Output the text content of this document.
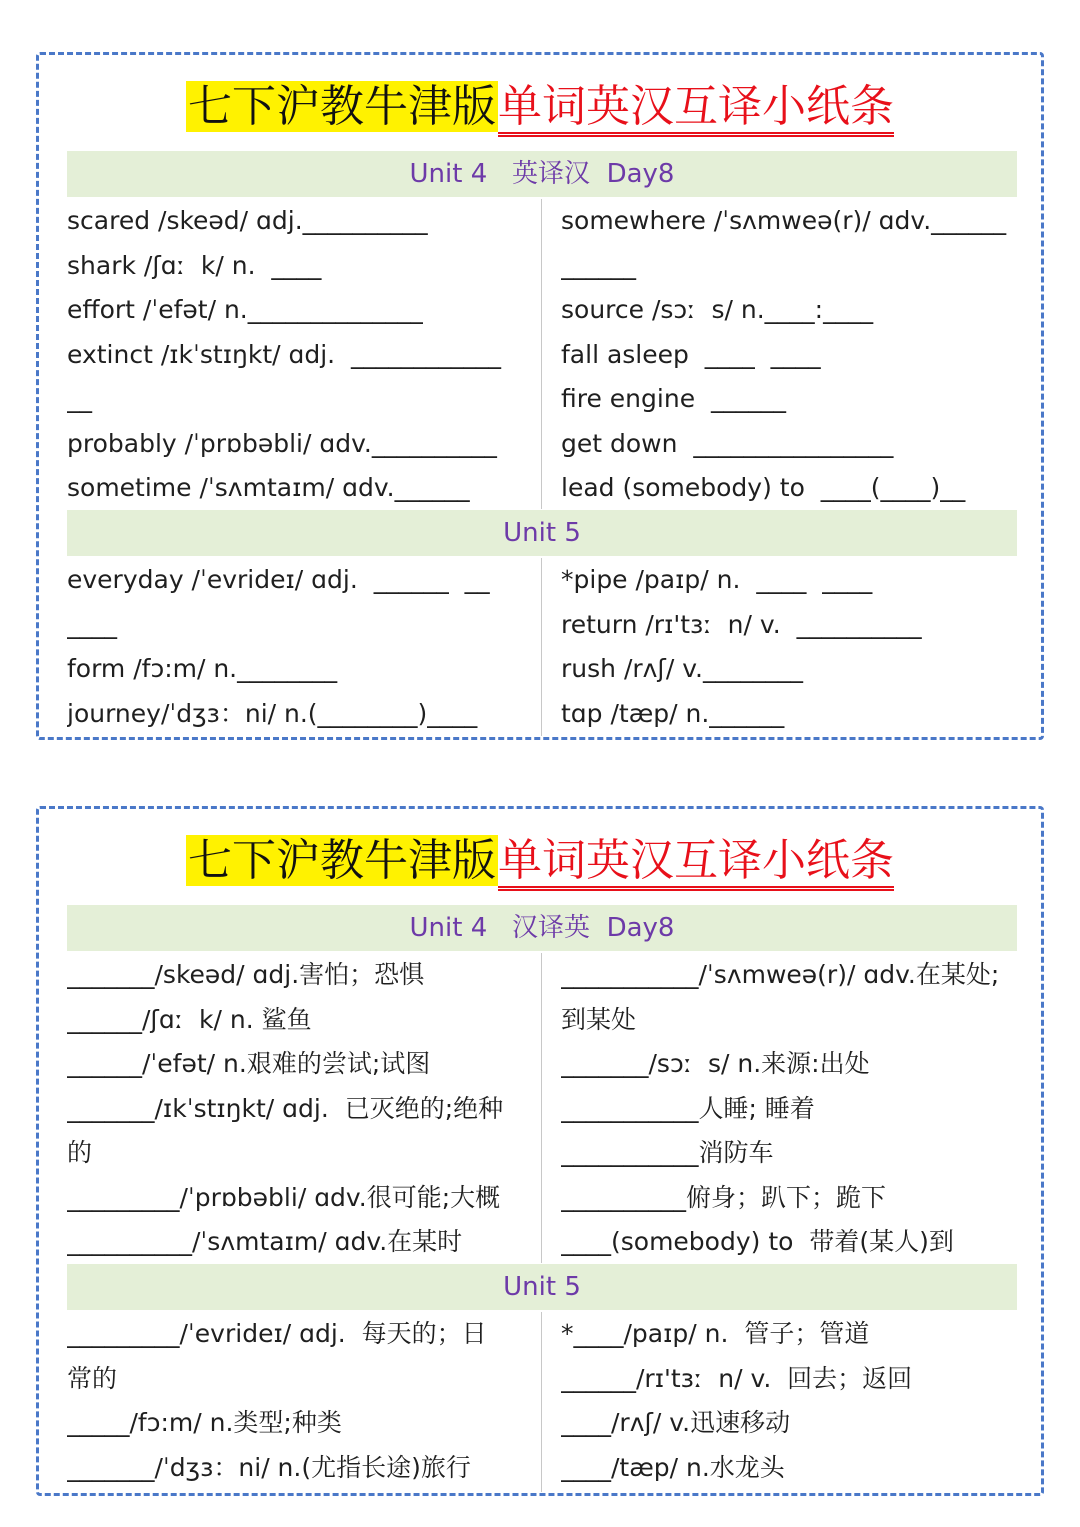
七下沪教牛津版单词英汉互译小纸条
Unit 4   英译汉  Day8
scared /skeəd/ ɑdj.__________
shark /ʃɑː  k/ n.  ____
effort /ˈefət/ n.______________
extinct /ɪkˈstɪŋkt/ ɑdj.  ____________
__
probably /ˈprɒbəbli/ ɑdv.__________
sometime /ˈsʌmtaɪm/ ɑdv.______
somewhere /ˈsʌmweə(r)/ ɑdv.______
______
source /sɔː  s/ n.____:____
fall asleep  ____  ____
fire engine  ______
get down  ________________
lead (somebody) to  ____(____)__
Unit 5
everyday /ˈevrideɪ/ ɑdj.  ______  __
____
form /fɔ:m/ n.________
journey/ˈdʒɜ：ni/ n.(________)____
*pipe /paɪp/ n.  ____  ____
return /rɪ'tɜː  n/ v.  __________
rush /rʌʃ/ v.________
tɑp /tæp/ n.______
七下沪教牛津版单词英汉互译小纸条
Unit 4   汉译英  Day8
_______/skeəd/ ɑdj.害怕；恐惧
______/ʃɑː  k/ n. 鲨鱼
______/ˈefət/ n.艰难的尝试;试图
_______/ɪkˈstɪŋkt/ ɑdj.  已灭绝的;绝种
的
_________/ˈprɒbəbli/ ɑdv.很可能;大概
__________/ˈsʌmtaɪm/ ɑdv.在某时
___________/ˈsʌmweə(r)/ ɑdv.在某处;
到某处
_______/sɔː  s/ n.来源:出处
___________人睡; 睡着
___________消防车
__________俯身；趴下；跪下
____(somebody) to  带着(某人)到
Unit 5
_________/ˈevrideɪ/ ɑdj.  每天的；日
常的
_____/fɔ:m/ n.类型;种类
_______/ˈdʒɜ：ni/ n.(尤指长途)旅行
*____/paɪp/ n.  管子；管道
______/rɪ'tɜː  n/ v.  回去；返回
____/rʌʃ/ v.迅速移动
____/tæp/ n.水龙头
